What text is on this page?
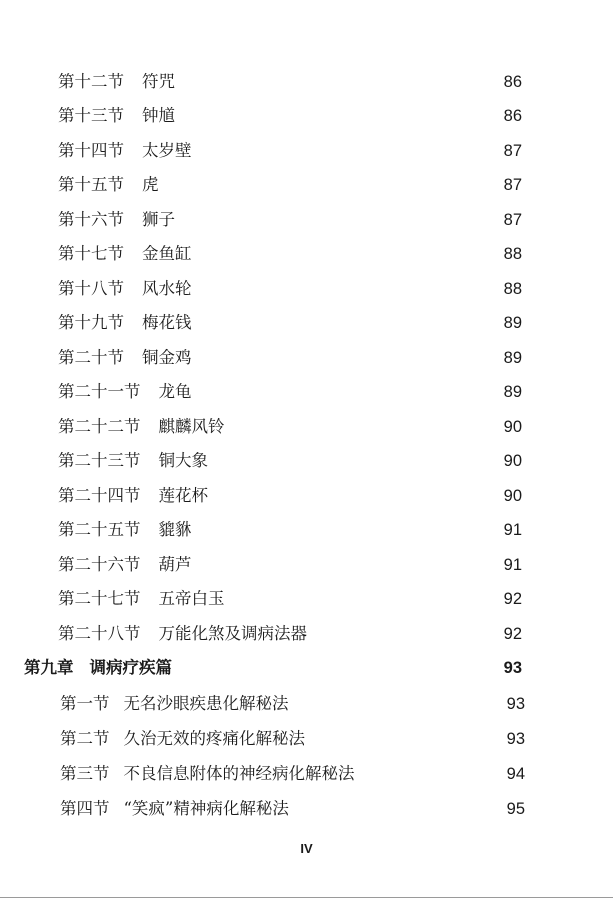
第十二节 符咒	86
第十三节 钟馗	86
第十四节 太岁壁	87
第十五节 虎	87
第十六节 狮子	87
第十七节 金鱼缸	88
第十八节 风水轮	88
第十九节 梅花钱	89
第二十节 铜金鸡	89
第二十一节 龙龟	89
第二十二节 麒麟风铃	90
第二十三节 铜大象	90
第二十四节 莲花杯	90
第二十五节 貔貅	91
第二十六节 葫芦	91
第二十七节 五帝白玉	92
第二十八节 万能化煞及调病法器	92
第九章 调病疗疾篇	93
第一节 无名沙眼疾患化解秘法	93
第二节 久治无效的疼痛化解秘法	93
第三节 不良信息附体的神经病化解秘法	94
第四节 “笑疯”精神病化解秘法	95
IV
